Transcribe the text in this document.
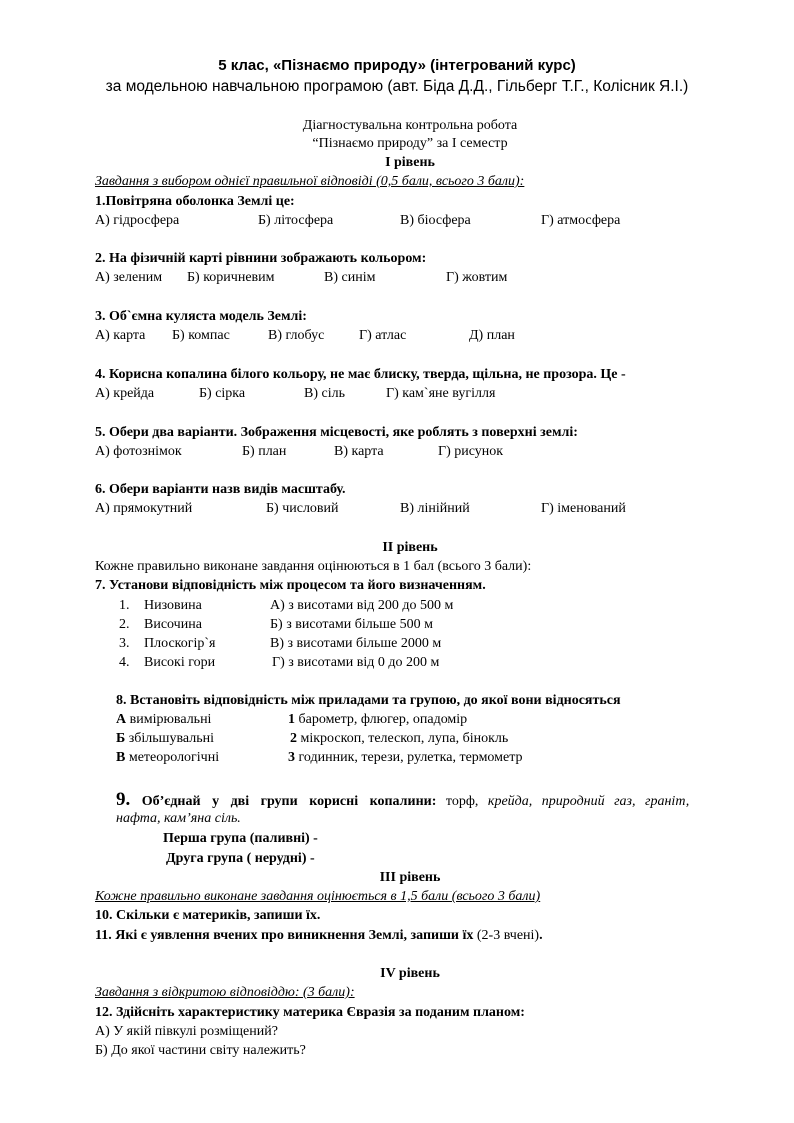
5 клас, «Пізнаємо природу» (інтегрований курс)
за модельною навчальною програмою (авт. Біда Д.Д., Гільберг Т.Г., Колісник Я.І.)
Діагностувальна контрольна робота
“Пізнаємо природу” за І семестр
І рівень
Завдання з вибором однієї правильної відповіді (0,5 бали, всього 3 бали):
1.Повітряна оболонка Землі це:
А) гідросфера	Б) літосфера	В) біосфера	Г) атмосфера
2. На фізичній карті рівнини зображають кольором:
А) зеленим Б) коричневим	В) синім	Г) жовтим
3. Об`ємна куляста модель Землі:
А) карта Б) компас	В) глобус Г) атлас	Д) план
4. Корисна копалина білого кольору, не має блиску, тверда, щільна, не прозора. Це -
А) крейда	Б) сірка	В) сіль	Г) кам`яне вугілля
5. Обери два варіанти. Зображення місцевості, яке роблять з поверхні землі:
А) фотознімок	Б) план	В) карта	Г) рисунок
6. Обери варіанти назв видів масштабу.
А) прямокутний	Б) числовий	В) лінійний	Г) іменований
ІІ рівень
Кожне правильно виконане завдання оцінюються в 1 бал (всього 3 бали):
7. Установи відповідність між процесом та його визначенням.
1. Низовина	А) з висотами від 200 до 500 м
2. Височина	Б) з висотами більше 500 м
3. Плоскогір`я	В) з висотами більше 2000 м
4. Високі гори	Г) з висотами від 0 до 200 м
8. Встановіть відповідність між приладами та групою, до якої вони відносяться
А вимірювальні	1 барометр, флюгер, опадомір
Б збільшувальні	2 мікроскоп, телескоп, лупа, бінокль
В метеорологічні	3 годинник, терези, рулетка, термометр
9. Об’єднай у дві групи корисні копалини: торф, крейда, природний газ, граніт,
нафта, кам’яна сіль.
Перша група (паливні) -
Друга група ( нерудні) -
ІІІ рівень
Кожне правильно виконане завдання оцінюється в 1,5 бали (всього 3 бали)
10. Скільки є материків, запиши їх.
11. Які є уявлення вчених про виникнення Землі, запиши їх (2-3 вчені).
ІV рівень
Завдання з відкритою відповіддю: (3 бали):
12. Здійсніть характеристику материка Євразія за поданим планом:
А) У якій півкулі розміщений?
Б) До якої частини світу належить?
